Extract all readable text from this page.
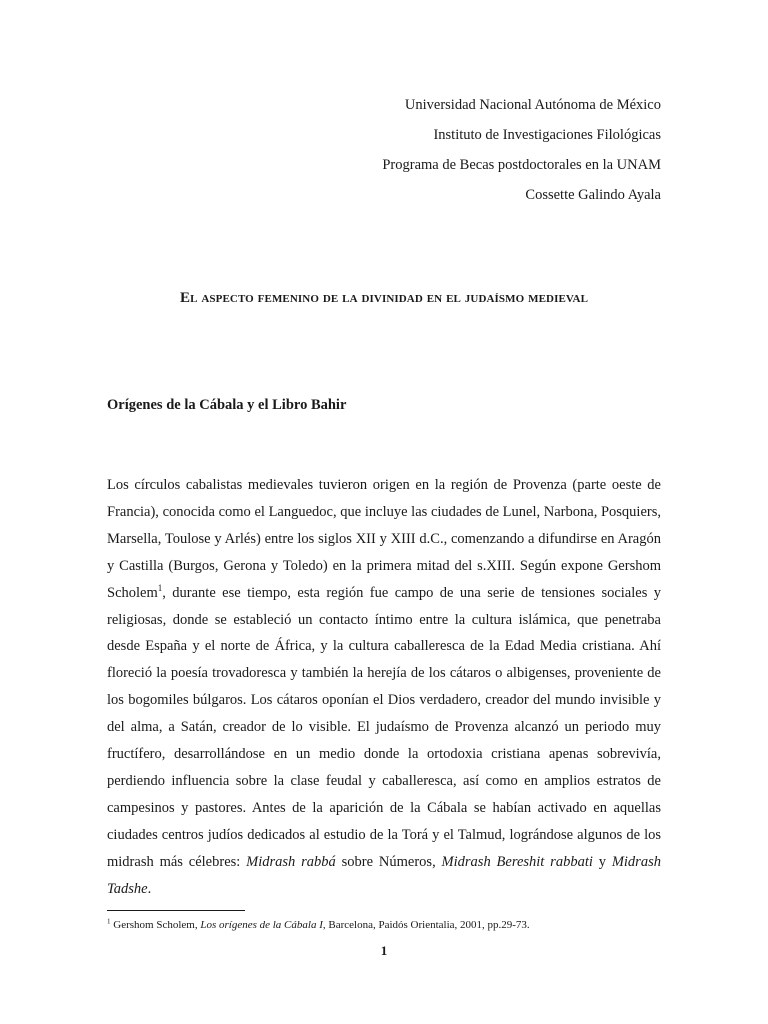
Universidad Nacional Autónoma de México
Instituto de Investigaciones Filológicas
Programa de Becas postdoctorales en la UNAM
Cossette Galindo Ayala
El aspecto femenino de la divinidad en el judaísmo medieval
Orígenes de la Cábala y el Libro Bahir

Los círculos cabalistas medievales tuvieron origen en la región de Provenza (parte oeste de Francia), conocida como el Languedoc, que incluye las ciudades de Lunel, Narbona, Posquiers, Marsella, Toulose y Arlés) entre los siglos XII y XIII d.C., comenzando a difundirse en Aragón y Castilla (Burgos, Gerona y Toledo) en la primera mitad del s.XIII. Según expone Gershom Scholem$^1$, durante ese tiempo, esta región fue campo de una serie de tensiones sociales y religiosas, donde se estableció un contacto íntimo entre la cultura islámica, que penetraba desde España y el norte de África, y la cultura caballeresca de la Edad Media cristiana. Ahí floreció la poesía trovadoresca y también la herejía de los cátaros o albigenses, proveniente de los bogomiles búlgaros. Los cátaros oponían el Dios verdadero, creador del mundo invisible y del alma, a Satán, creador de lo visible. El judaísmo de Provenza alcanzó un periodo muy fructífero, desarrollándose en un medio donde la ortodoxia cristiana apenas sobrevivía, perdiendo influencia sobre la clase feudal y caballeresca, así como en amplios estratos de campesinos y pastores. Antes de la aparición de la Cábala se habían activado en aquellas ciudades centros judíos dedicados al estudio de la Torá y el Talmud, lográndose algunos de los midrash más célebres: Midrash rabbá sobre Números, Midrash Bereshit rabbati y Midrash Tadshe.

$^1$ Gershom Scholem, Los orígenes de la Cábala I, Barcelona, Paidós Orientalia, 2001, pp.29-73.
1
